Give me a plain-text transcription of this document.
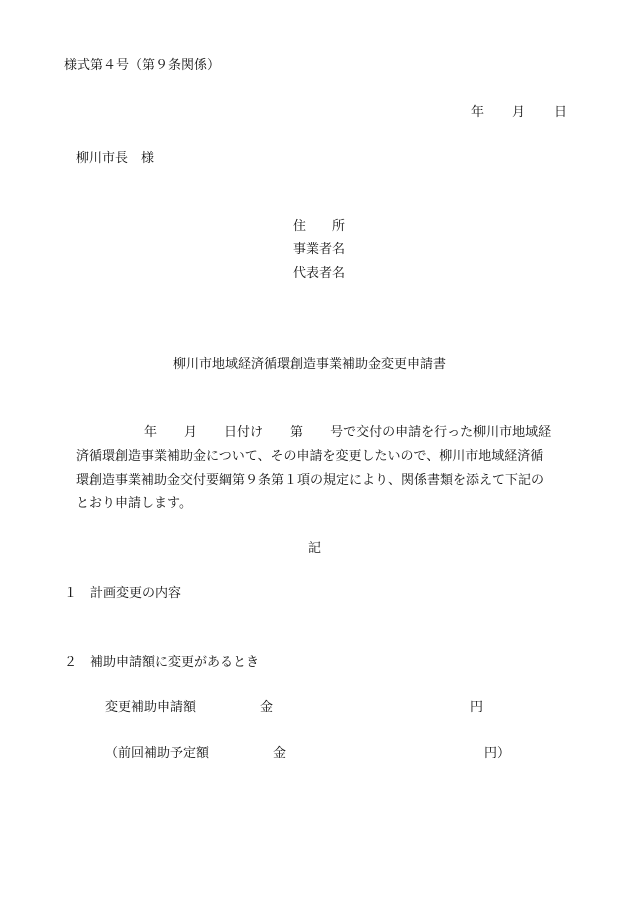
様式第４号（第９条関係）
年 月 日
柳川市長　様
住　　所
事業者名
代表者名
柳川市地域経済循環創造事業補助金変更申請書
年 月 日付け 第 号で交付の申請を行った柳川市地域経
済循環創造事業補助金について、その申請を変更したいので、柳川市地域経済循
環創造事業補助金交付要綱第９条第１項の規定により、関係書類を添えて下記の
とおり申請します。
記
１ 計画変更の内容
２ 補助申請額に変更があるとき
変更補助申請額	金	円
（前回補助予定額	金	円）
